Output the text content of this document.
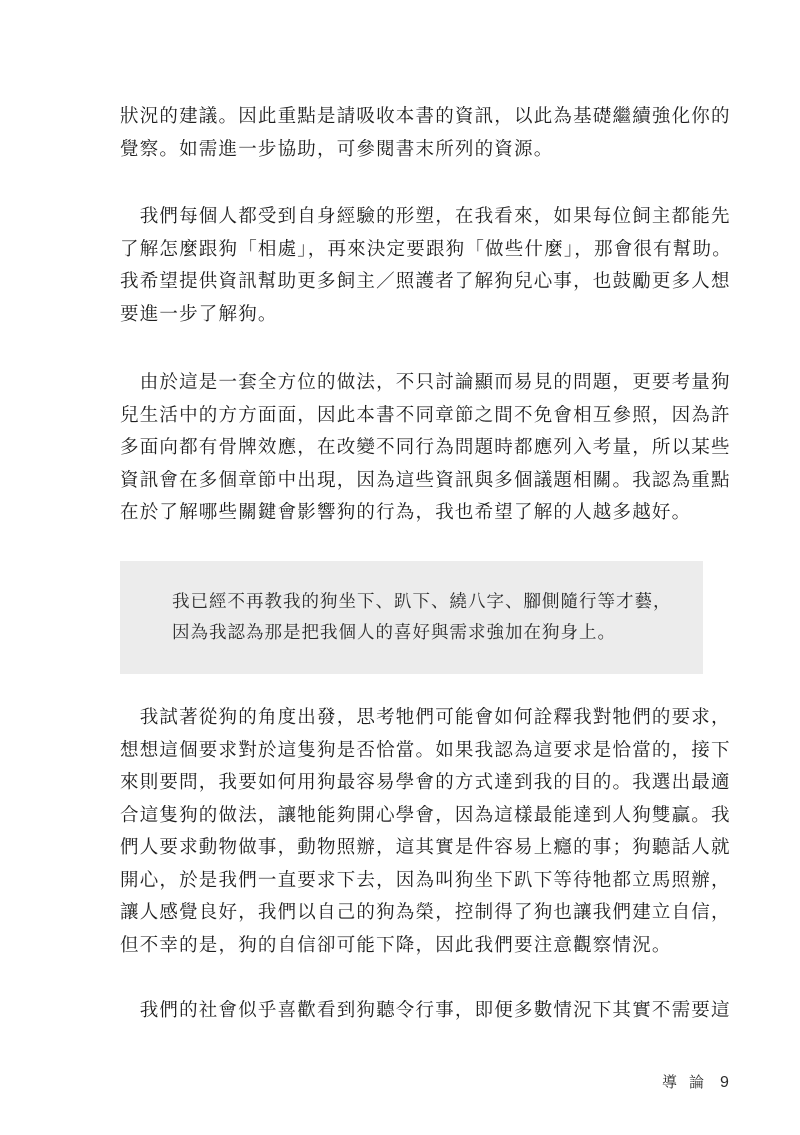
狀況的建議。因此重點是請吸收本書的資訊，以此為基礎繼續強化你的
覺察。如需進一步協助，可參閱書末所列的資源。

　我們每個人都受到自身經驗的形塑，在我看來，如果每位飼主都能先
了解怎麼跟狗「相處」，再來決定要跟狗「做些什麼」，那會很有幫助。
我希望提供資訊幫助更多飼主／照護者了解狗兒心事，也鼓勵更多人想
要進一步了解狗。

　由於這是一套全方位的做法，不只討論顯而易見的問題，更要考量狗
兒生活中的方方面面，因此本書不同章節之間不免會相互參照，因為許
多面向都有骨牌效應，在改變不同行為問題時都應列入考量，所以某些
資訊會在多個章節中出現，因為這些資訊與多個議題相關。我認為重點
在於了解哪些關鍵會影響狗的行為，我也希望了解的人越多越好。

我已經不再教我的狗坐下、趴下、繞八字、腳側隨行等才藝，
因為我認為那是把我個人的喜好與需求強加在狗身上。

　我試著從狗的角度出發，思考牠們可能會如何詮釋我對牠們的要求，
想想這個要求對於這隻狗是否恰當。如果我認為這要求是恰當的，接下
來則要問，我要如何用狗最容易學會的方式達到我的目的。我選出最適
合這隻狗的做法，讓牠能夠開心學會，因為這樣最能達到人狗雙贏。我
們人要求動物做事，動物照辦，這其實是件容易上癮的事；狗聽話人就
開心，於是我們一直要求下去，因為叫狗坐下趴下等待牠都立馬照辦，
讓人感覺良好，我們以自己的狗為榮，控制得了狗也讓我們建立自信，
但不幸的是，狗的自信卻可能下降，因此我們要注意觀察情況。

　我們的社會似乎喜歡看到狗聽令行事，即便多數情況下其實不需要這

導論 9
